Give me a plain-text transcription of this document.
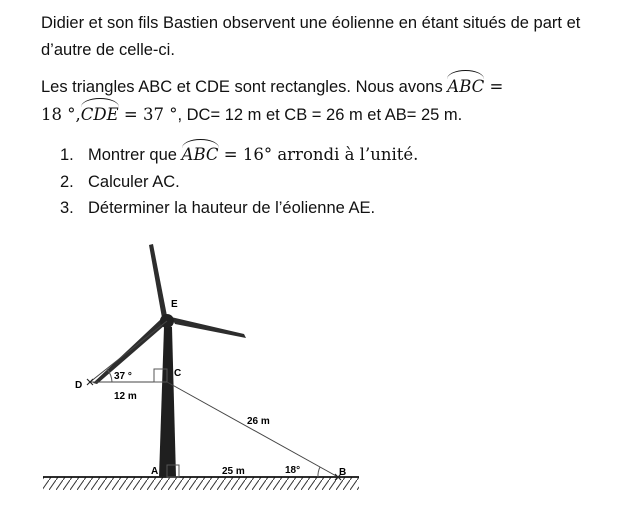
Didier et son fils Bastien observent une éolienne en étant situés de part et
d’autre de celle-ci.

Les triangles ABC et CDE sont rectangles. Nous avons ABC =
18 °,CDE = 37 °, DC= 12 m et CB = 26 m et AB= 25 m.

1. Montrer que ABC = 16° arrondi à l’unité.
2. Calculer AC.
3. Déterminer la hauteur de l’éolienne AE.
E
C
D
A	B
37 °
12 m
26 m
25 m	18°
